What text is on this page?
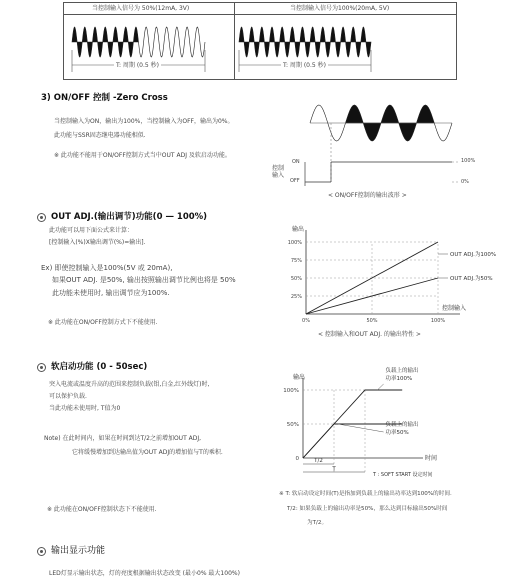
当控制输入信号为 50%(12mA, 3V)	当控制输入信号为100%(20mA, 5V)
T: 周期 (0.5 秒)	T: 周期 (0.5 秒)
3) ON/OFF 控制 -Zero Cross
当控制输入为ON，输出为100%，当控制输入为OFF，输出为0%。
此功能与SSR固态继电器功能相似.
※ 此功能不能用于ON/OFF控制方式当中OUT ADJ 及软启动功能。
ON
OFF
控制
输入
100%
0%
< ON/OFF控制的输出波形 >
OUT ADJ.(输出调节)功能(0 — 100%)
此功能可以用下面公式来计算：
[控制输入(%)X输出调节(%)=输出].
Ex) 即使控制输入是100%(5V 或 20mA),
如果OUT ADJ. 是50%, 输出按照输出调节比例也将是 50%
此功能未使用时, 输出调节应为100%.
※ 此功能在ON/OFF控制方式下不能使用.
25%
50%
75%
100%
0%	50%	100%
OUT ADJ.为100%
OUT ADJ.为50%
输出
控制输入
< 控制输入和OUT ADJ. 的输出特性 >
软启动功能 (0 - 50sec)
突入电流或温度升高的范围来控制负载(钼,白金,红外线灯)时,
可以保护负载.
当此功能未使用时, T值为0
Note) 在此时间内，如果在时间到达T/2之前增加OUT ADJ,
它将缓慢增加到达输出值为OUT ADJ的增加值与T的乘积.
※ 此功能在ON/OFF控制状态下不能使用.
100%
50%
0
负载上的输出
功率100%
负载上的输出
功率50%
T/2
T
T : SOFT START 设定时间
输出
时间
※ T: 软启动设定时间(T)是指加到负载上的输出功率达到100%的时间.
T/2: 如果负载上的输出功率是50%，那么达到目标输出50%时间
为T/2。
输出显示功能
LED灯显示输出状态，灯的亮度根据输出状态改变 (最小0% 最大100%)
